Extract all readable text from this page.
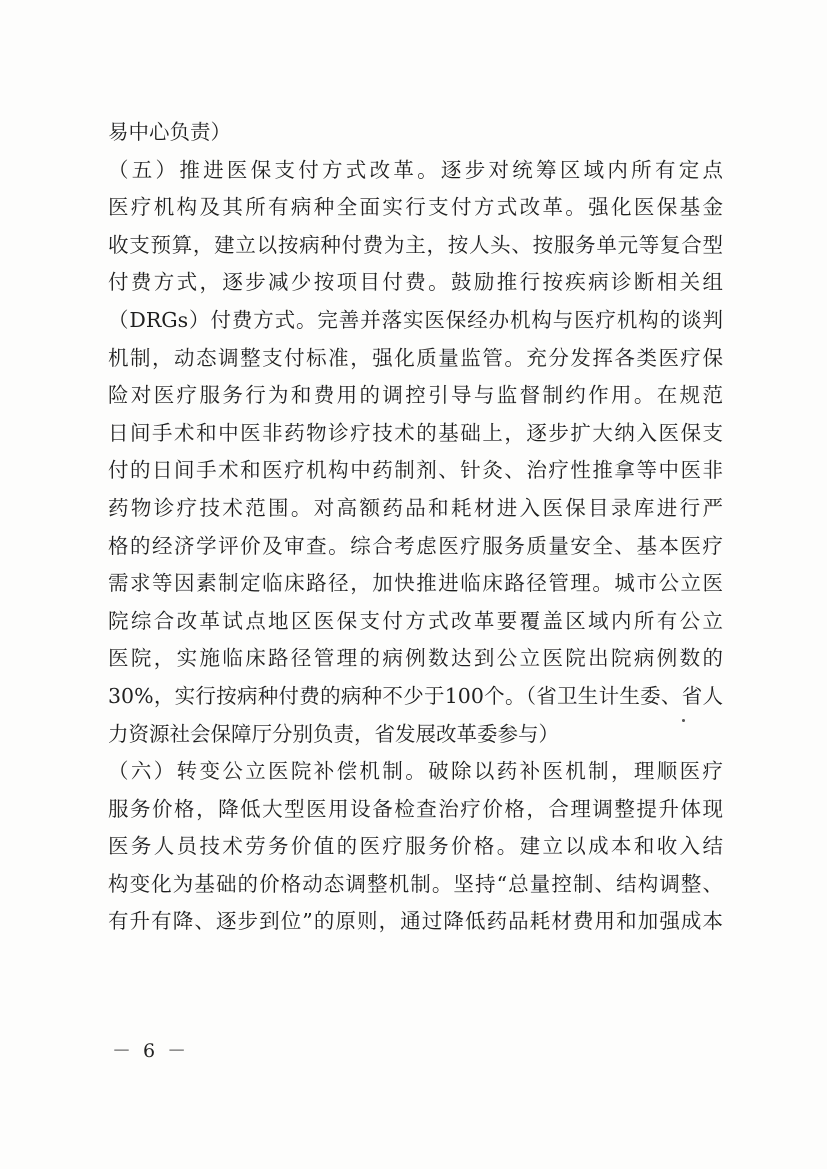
易中心负责）
（五）推进医保支付方式改革。逐步对统筹区域内所有定点
医疗机构及其所有病种全面实行支付方式改革。强化医保基金
收支预算，建立以按病种付费为主，按人头、按服务单元等复合型
付费方式，逐步减少按项目付费。鼓励推行按疾病诊断相关组
（DRGs）付费方式。完善并落实医保经办机构与医疗机构的谈判
机制，动态调整支付标准，强化质量监管。充分发挥各类医疗保
险对医疗服务行为和费用的调控引导与监督制约作用。在规范
日间手术和中医非药物诊疗技术的基础上，逐步扩大纳入医保支
付的日间手术和医疗机构中药制剂、针灸、治疗性推拿等中医非
药物诊疗技术范围。对高额药品和耗材进入医保目录库进行严
格的经济学评价及审查。综合考虑医疗服务质量安全、基本医疗
需求等因素制定临床路径，加快推进临床路径管理。城市公立医
院综合改革试点地区医保支付方式改革要覆盖区域内所有公立
医院，实施临床路径管理的病例数达到公立医院出院病例数的
30%，实行按病种付费的病种不少于100个。（省卫生计生委、省人
力资源社会保障厅分别负责，省发展改革委参与）
（六）转变公立医院补偿机制。破除以药补医机制，理顺医疗
服务价格，降低大型医用设备检查治疗价格，合理调整提升体现
医务人员技术劳务价值的医疗服务价格。建立以成本和收入结
构变化为基础的价格动态调整机制。坚持“总量控制、结构调整、
有升有降、逐步到位”的原则，通过降低药品耗材费用和加强成本
－ 6 －
